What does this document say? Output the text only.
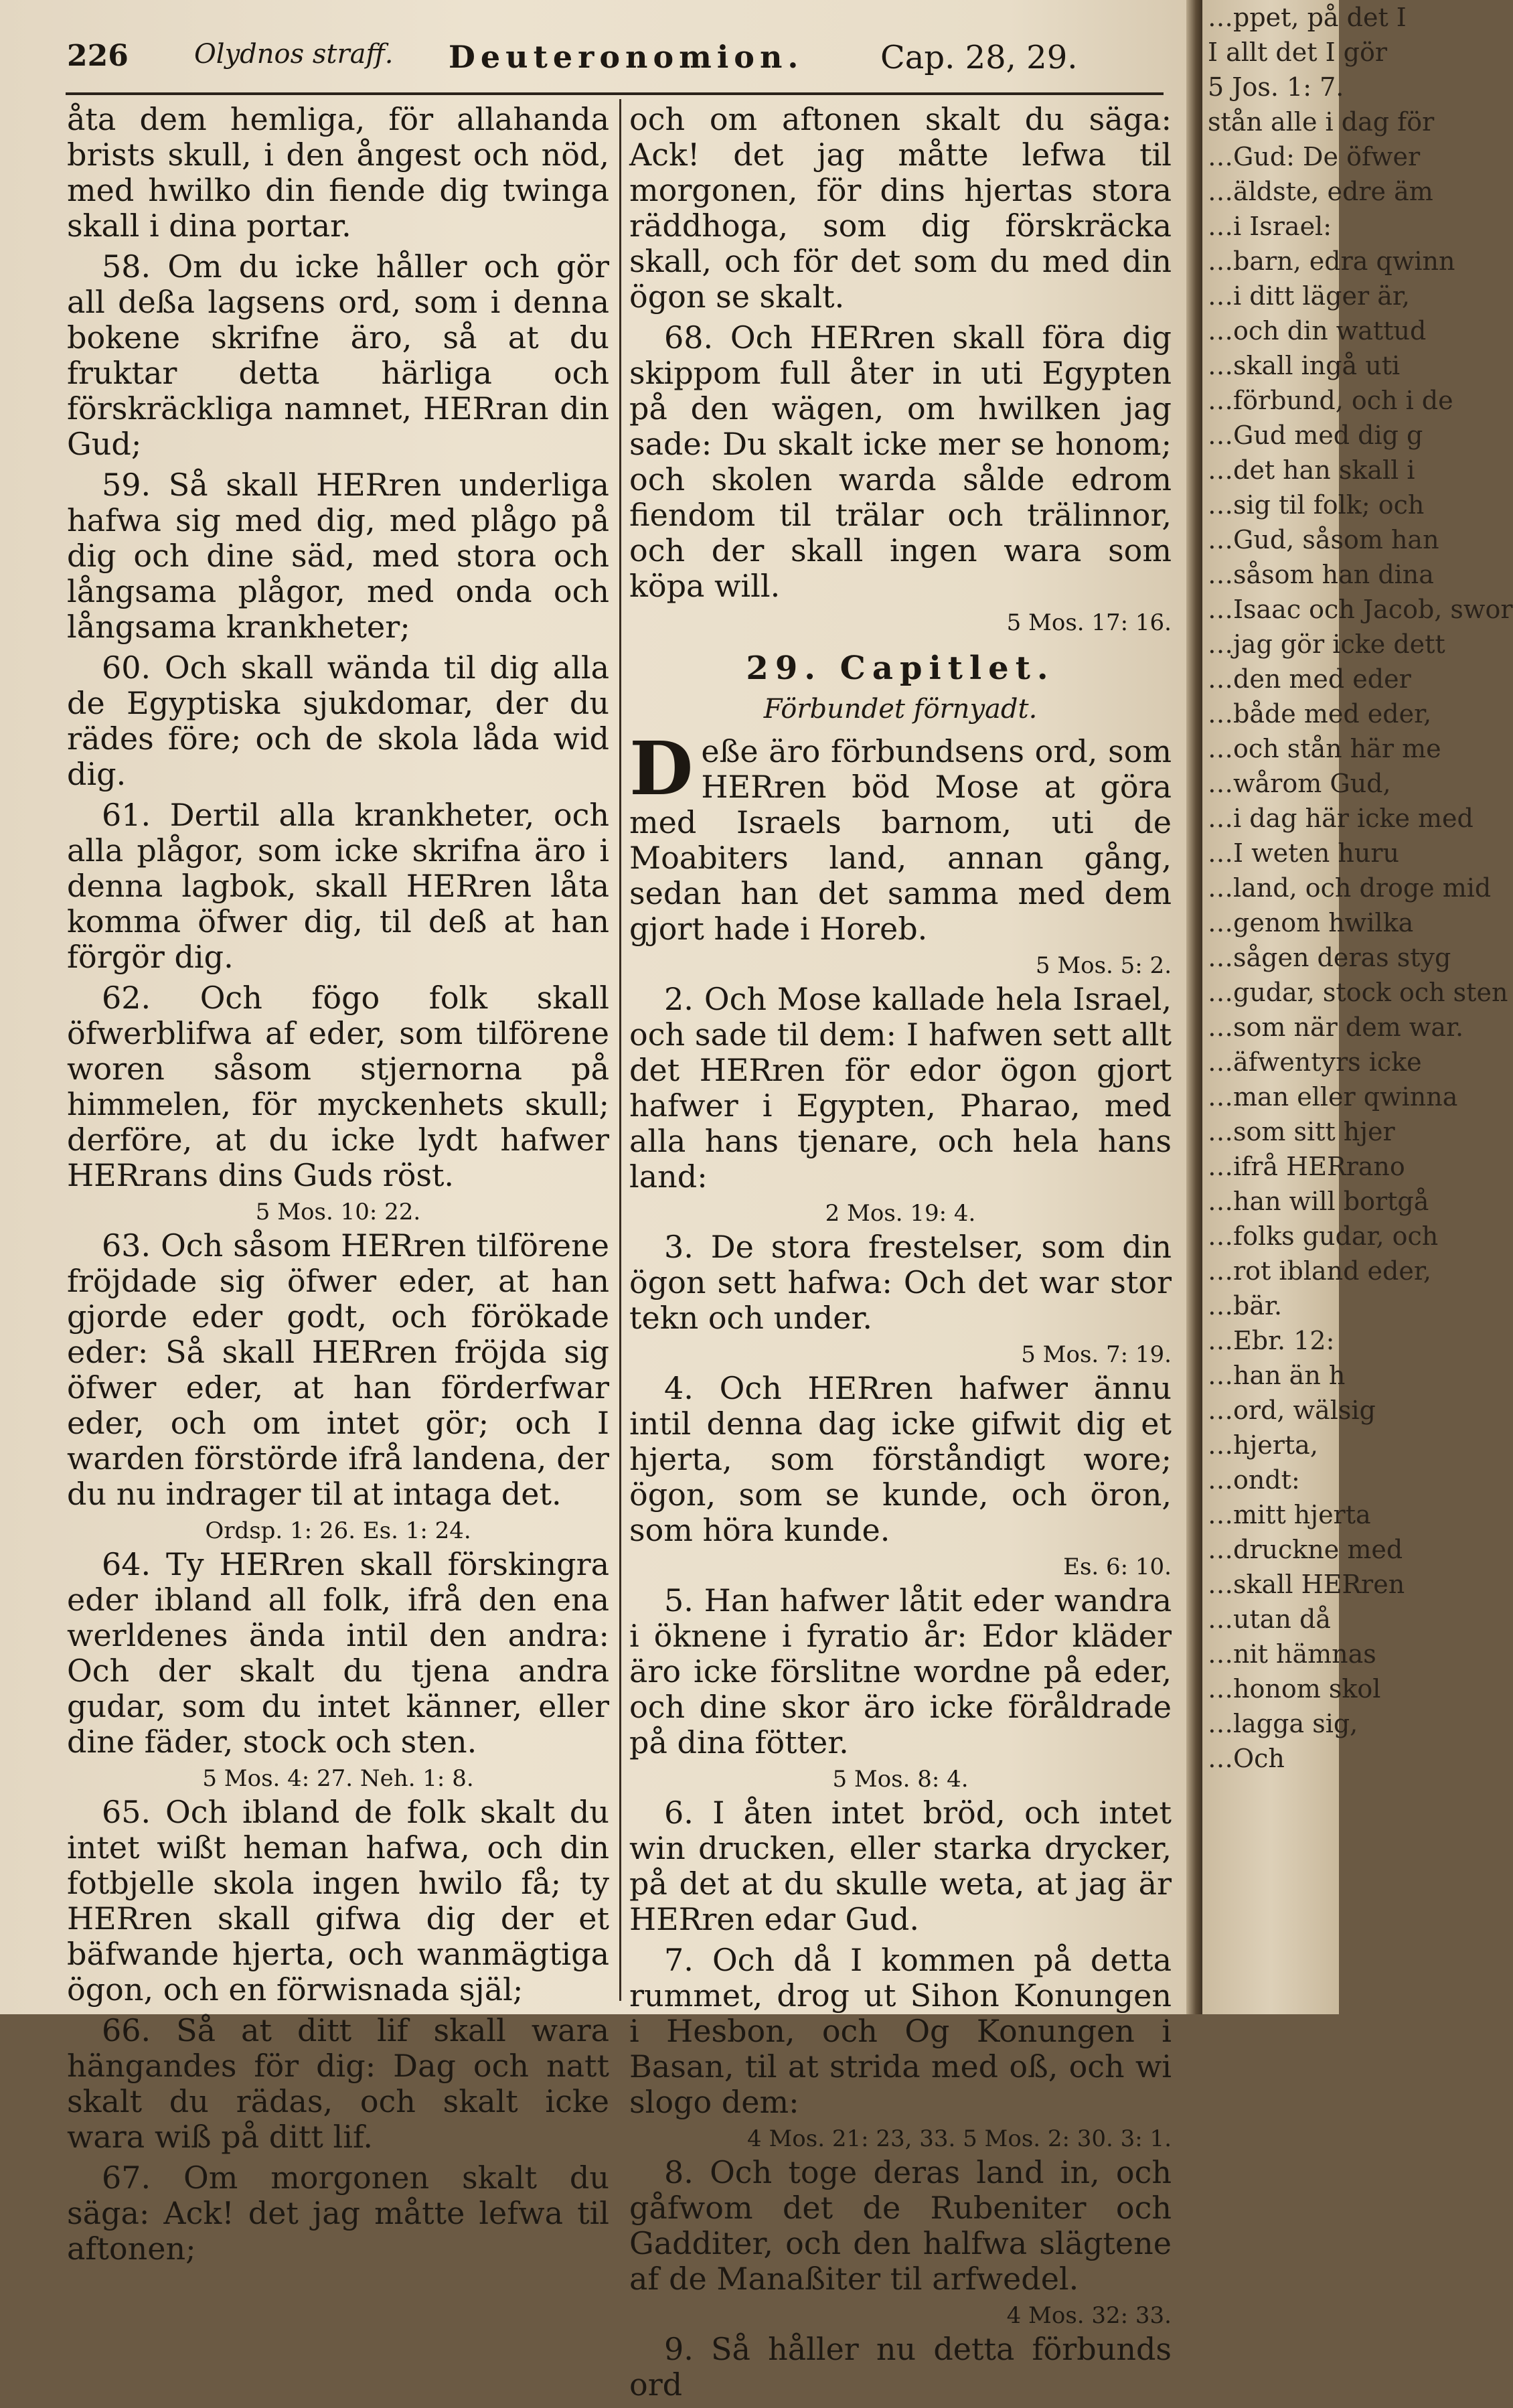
226 Olydnos straff. Deuteronomion. Cap. 28, 29.

åta dem hemliga, för allahanda brists skull, i den ångest och nöd, med hwilko din fiende dig twinga skall i dina portar.

58. Om du icke håller och gör all deßa lagsens ord, som i denna bokene skrifne äro, så at du fruktar detta härliga och förskräckliga namnet, HERran din Gud;

59. Så skall HERren underliga hafwa sig med dig, med plågo på dig och dine säd, med stora och långsama plågor, med onda och långsama krankheter;

60. Och skall wända til dig alla de Egyptiska sjukdomar, der du rädes före; och de skola låda wid dig.

61. Dertil alla krankheter, och alla plågor, som icke skrifna äro i denna lagbok, skall HERren låta komma öfwer dig, til deß at han förgör dig.

62. Och fögo folk skall öfwerblifwa af eder, som tilförene woren såsom stjernorna på himmelen, för myckenhets skull; derföre, at du icke lydt hafwer HERrans dins Guds röst.

5 Mos. 10: 22.

63. Och såsom HERren tilförene fröjdade sig öfwer eder, at han gjorde eder godt, och förökade eder: Så skall HERren fröjda sig öfwer eder, at han förderfwar eder, och om intet gör; och I warden förstörde ifrå landena, der du nu indrager til at intaga det.

Ordsp. 1: 26. Es. 1: 24.

64. Ty HERren skall förskingra eder ibland all folk, ifrå den ena werldenes ända intil den andra: Och der skalt du tjena andra gudar, som du intet känner, eller dine fäder, stock och sten.

5 Mos. 4: 27. Neh. 1: 8.

65. Och ibland de folk skalt du intet wißt heman hafwa, och din fotbjelle skola ingen hwilo få; ty HERren skall gifwa dig der et bäfwande hjerta, och wanmägtiga ögon, och en förwisnada själ;

66. Så at ditt lif skall wara hängandes för dig: Dag och natt skalt du rädas, och skalt icke wara wiß på ditt lif.

67. Om morgonen skalt du säga: Ack! det jag måtte lefwa til aftonen;

och om aftonen skalt du säga: Ack! det jag måtte lefwa til morgonen, för dins hjertas stora räddhoga, som dig förskräcka skall, och för det som du med din ögon se skalt.

68. Och HERren skall föra dig skippom full åter in uti Egypten på den wägen, om hwilken jag sade: Du skalt icke mer se honom; och skolen warda sålde edrom fiendom til trälar och trälinnor, och der skall ingen wara som köpa will.

5 Mos. 17: 16.
29. Capitlet.
Förbundet förnyadt.

Deße äro förbundsens ord, som HERren böd Mose at göra med Israels barnom, uti de Moabiters land, annan gång, sedan han det samma med dem gjort hade i Horeb.

5 Mos. 5: 2.

2. Och Mose kallade hela Israel, och sade til dem: I hafwen sett allt det HERren för edor ögon gjort hafwer i Egypten, Pharao, med alla hans tjenare, och hela hans land:

2 Mos. 19: 4.

3. De stora frestelser, som din ögon sett hafwa: Och det war stor tekn och under.

5 Mos. 7: 19.

4. Och HERren hafwer ännu intil denna dag icke gifwit dig et hjerta, som förståndigt wore; ögon, som se kunde, och öron, som höra kunde.

Es. 6: 10.

5. Han hafwer låtit eder wandra i öknene i fyratio år: Edor kläder äro icke förslitne wordne på eder, och dine skor äro icke föråldrade på dina fötter.

5 Mos. 8: 4.

6. I åten intet bröd, och intet win drucken, eller starka drycker, på det at du skulle weta, at jag är HERren edar Gud.

7. Och då I kommen på detta rummet, drog ut Sihon Konungen i Hesbon, och Og Konungen i Basan, til at strida med oß, och wi slogo dem:

4 Mos. 21: 23, 33. 5 Mos. 2: 30. 3: 1.

8. Och toge deras land in, och gåfwom det de Rubeniter och Gadditer, och den halfwa slägtene af de Manaßiter til arfwedel.

4 Mos. 32: 33.

9. Så håller nu detta förbunds ord

…ppet, på det I
I allt det I gör
5 Jos. 1: 7.
stån alle i dag för
…Gud: De öfwer
…äldste, edre äm
…i Israel:
…barn, edra qwinn
…i ditt läger är,
…och din wattud
…skall ingå uti
…förbund, och i de
…Gud med dig g
…det han skall i
…sig til folk; och
…Gud, såsom han
…såsom han dina
…Isaac och Jacob, swor
…jag gör icke dett
…den med eder
…både med eder,
…och stån här me
…wårom Gud,
…i dag här icke med
…I weten huru
…land, och droge mid
…genom hwilka
…sågen deras styg
…gudar, stock och sten
…som när dem war.
…äfwentyrs icke
…man eller qwinna
…som sitt hjer
…ifrå HERrano
…han will bortgå
…folks gudar, och
…rot ibland eder,
…bär.
…Ebr. 12:
…han än h
…ord, wälsig
…hjerta,
…ondt:
…mitt hjerta
…druckne med
…skall HERren
…utan då
…nit hämnas
…honom skol
…lagga sig,
…Och
